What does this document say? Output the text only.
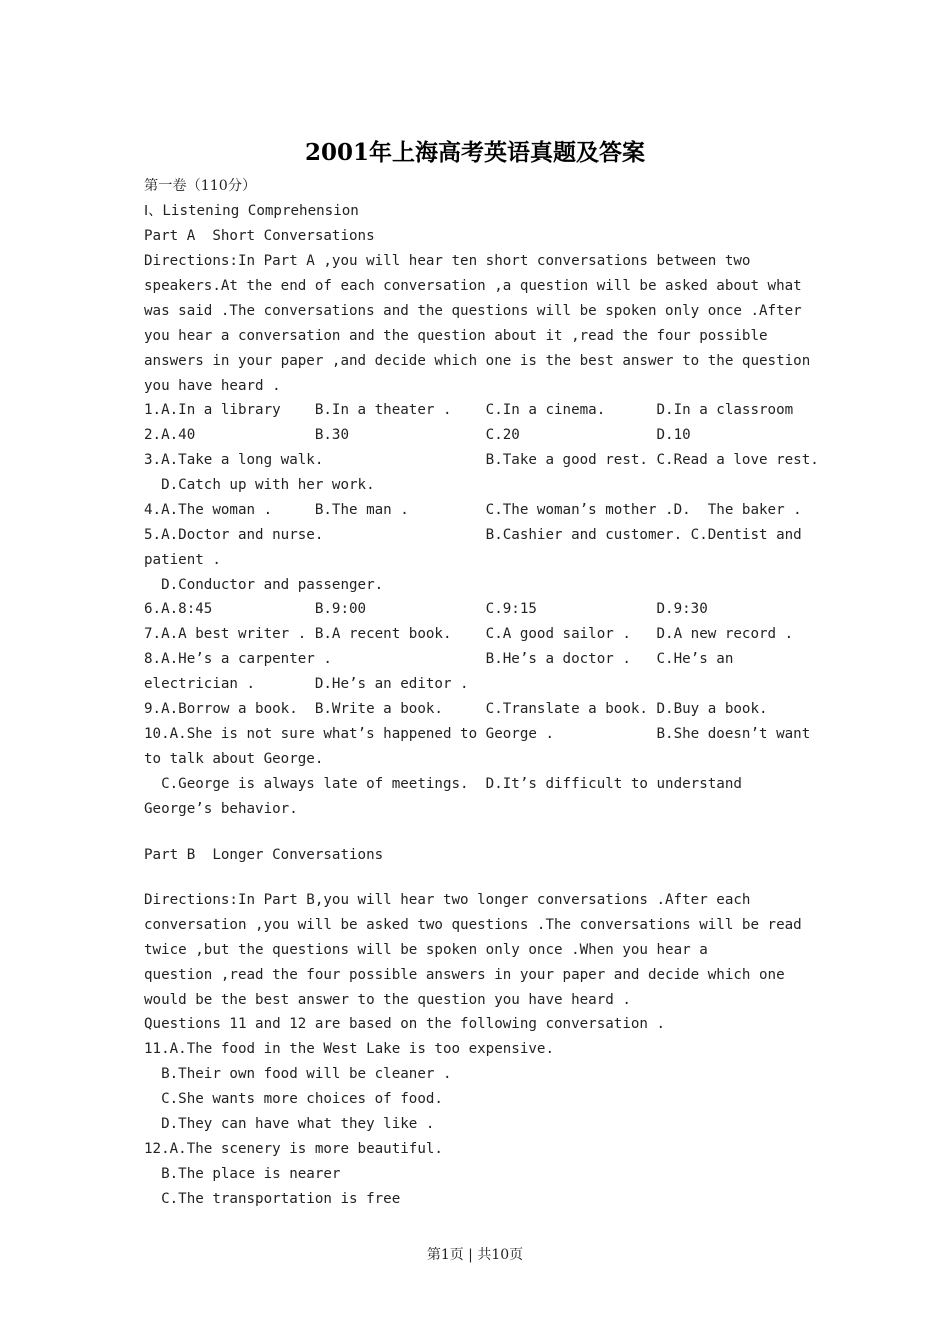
2001年上海高考英语真题及答案
第一卷（110分）
Ⅰ、Listening Comprehension
Part A  Short Conversations
Directions:In Part A ,you will hear ten short conversations between two
speakers.At the end of each conversation ,a question will be asked about what
was said .The conversations and the questions will be spoken only once .After
you hear a conversation and the question about it ,read the four possible
answers in your paper ,and decide which one is the best answer to the question
you have heard .
1.A.In a library    B.In a theater .    C.In a cinema.      D.In a classroom
2.A.40              B.30                C.20                D.10
3.A.Take a long walk.                   B.Take a good rest. C.Read a love rest.
D.Catch up with her work.
4.A.The woman .     B.The man .         C.The woman’s mother .D.  The baker .
5.A.Doctor and nurse.                   B.Cashier and customer. C.Dentist and
patient .
D.Conductor and passenger.
6.A.8:45            B.9:00              C.9:15              D.9:30
7.A.A best writer . B.A recent book.    C.A good sailor .   D.A new record .
8.A.He’s a carpenter .                  B.He’s a doctor .   C.He’s an
electrician .       D.He’s an editor .
9.A.Borrow a book.  B.Write a book.     C.Translate a book. D.Buy a book.
10.A.She is not sure what’s happened to George .            B.She doesn’t want
to talk about George.
C.George is always late of meetings.  D.It’s difficult to understand
George’s behavior.
Part B  Longer Conversations
Directions:In Part B,you will hear two longer conversations .After each
conversation ,you will be asked two questions .The conversations will be read
twice ,but the questions will be spoken only once .When you hear a
question ,read the four possible answers in your paper and decide which one
would be the best answer to the question you have heard .
Questions 11 and 12 are based on the following conversation .
11.A.The food in the West Lake is too expensive.
B.Their own food will be cleaner .
C.She wants more choices of food.
D.They can have what they like .
12.A.The scenery is more beautiful.
B.The place is nearer
C.The transportation is free
第1页 | 共10页
